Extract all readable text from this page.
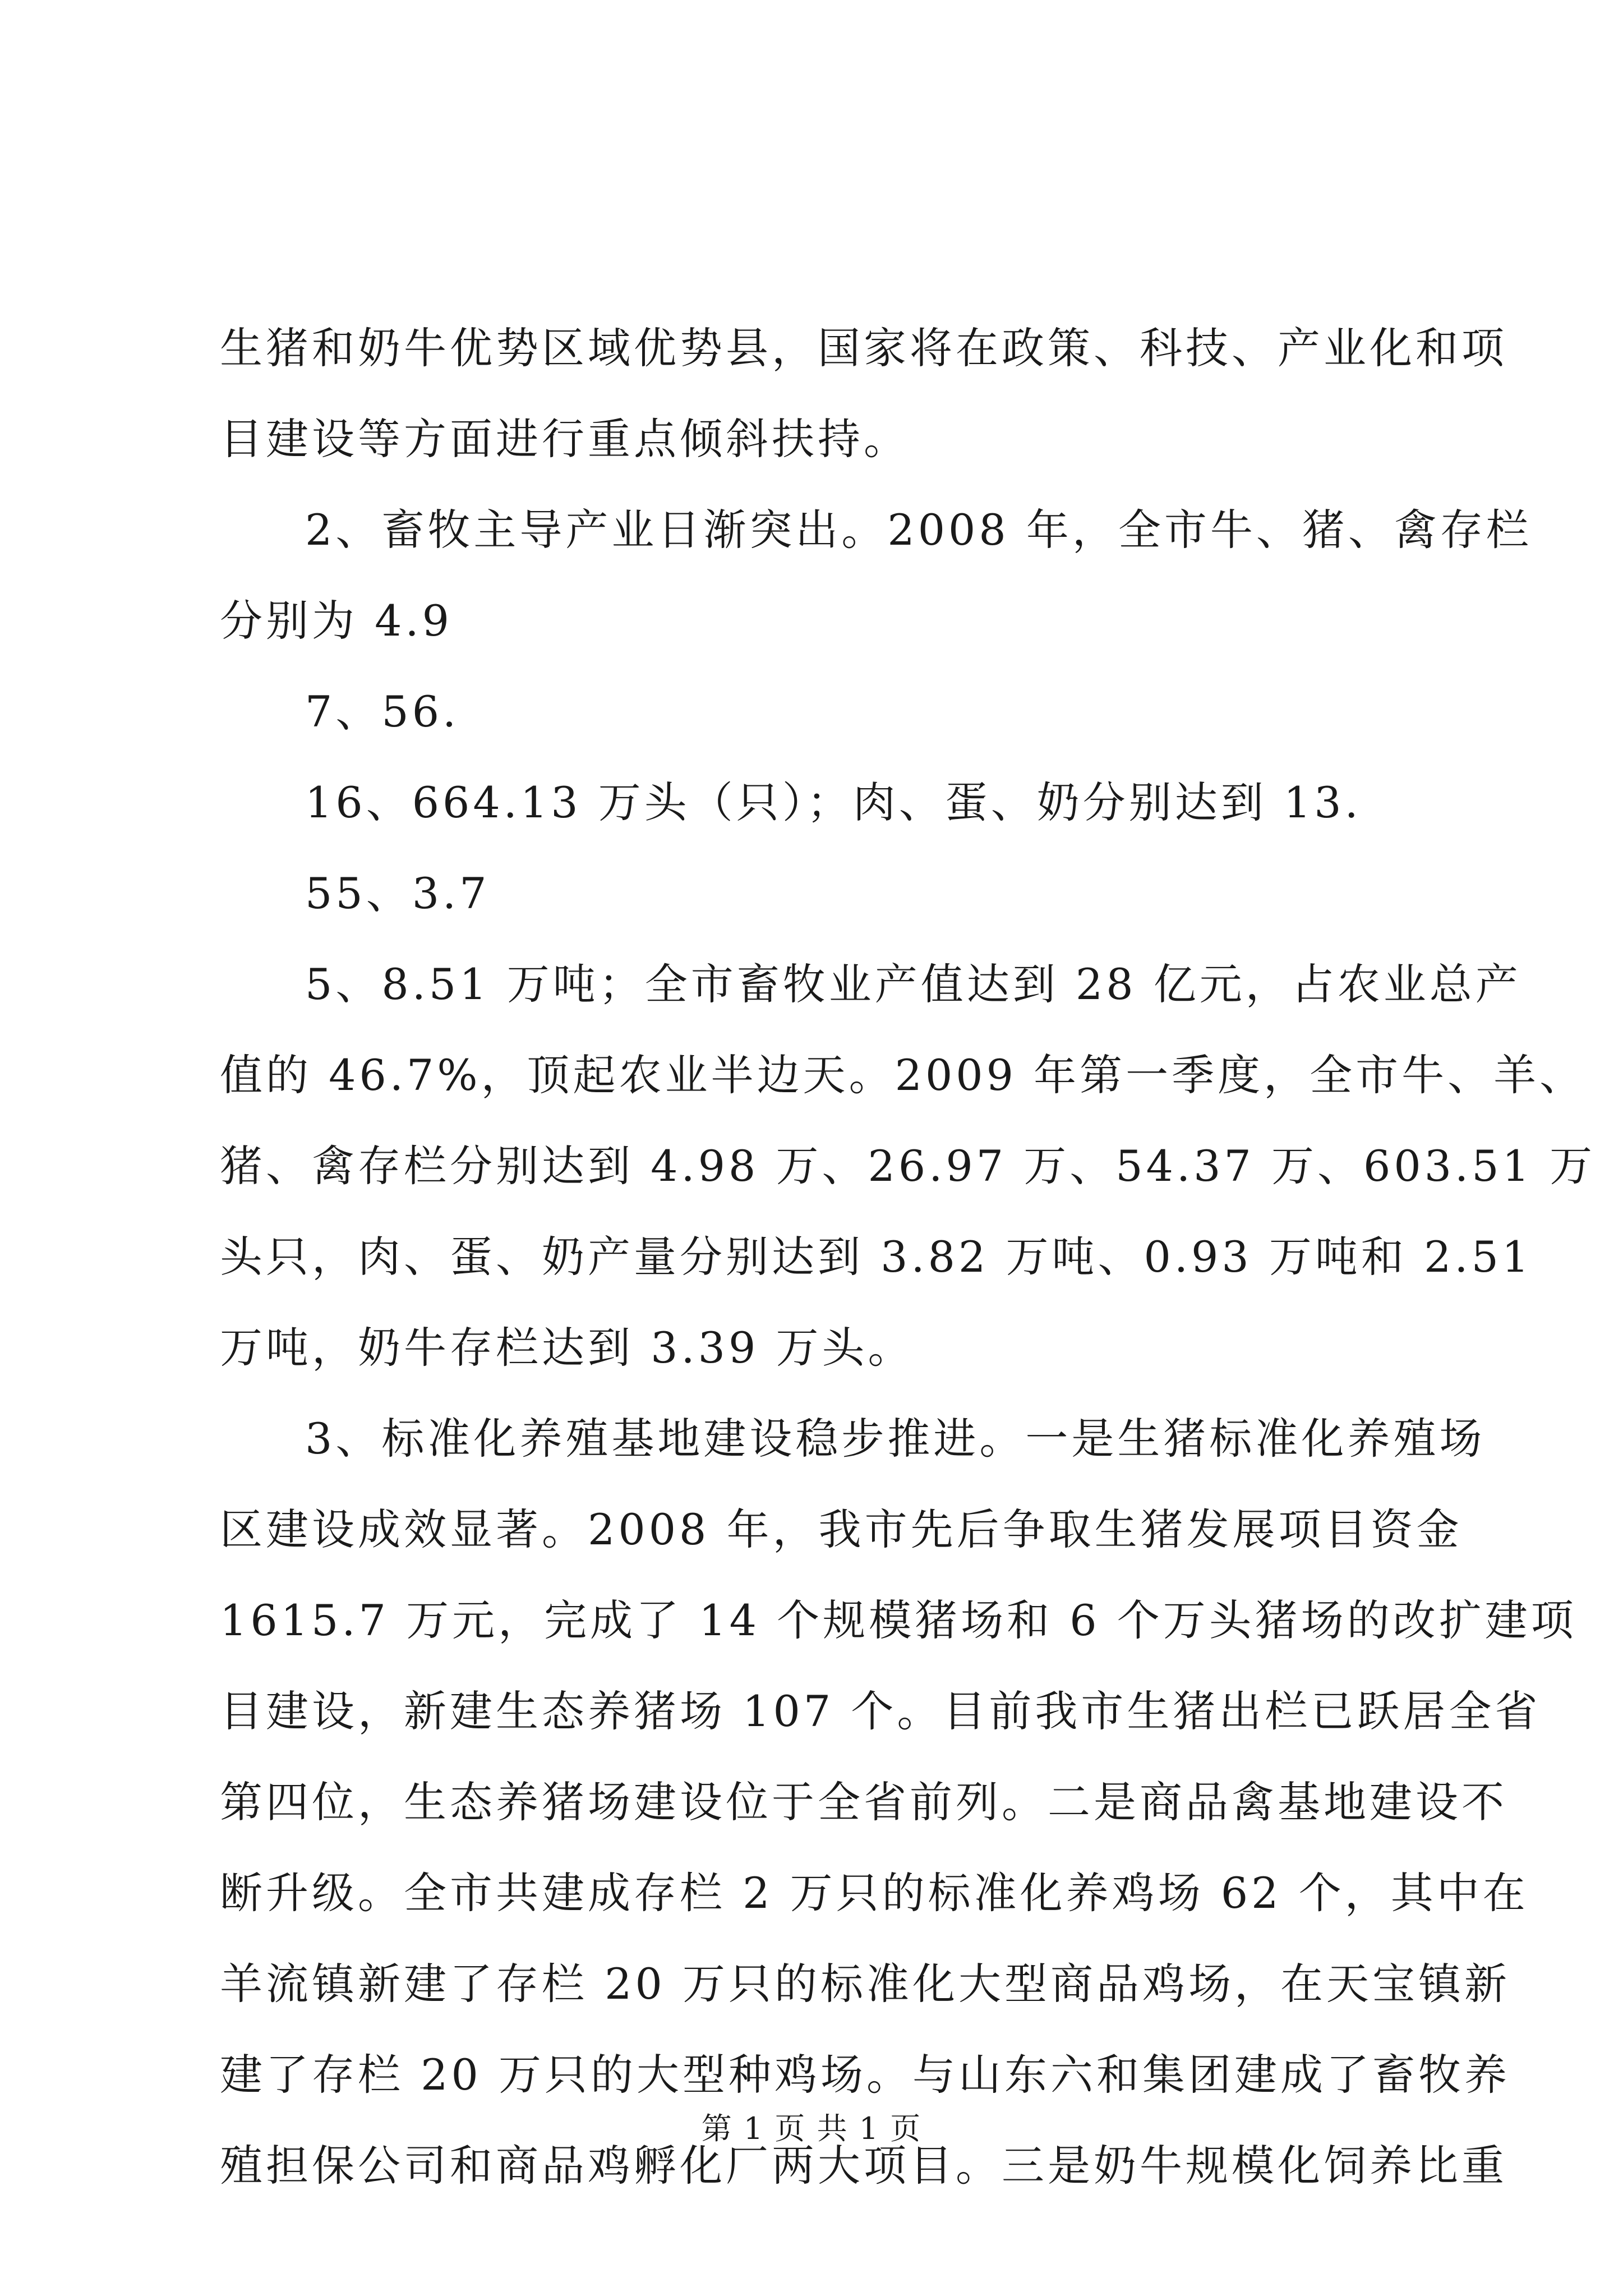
生猪和奶牛优势区域优势县，国家将在政策、科技、产业化和项
目建设等方面进行重点倾斜扶持。
2、畜牧主导产业日渐突出。2008 年，全市牛、猪、禽存栏
分别为 4.9
7、56.
16、664.13 万头（只）；肉、蛋、奶分别达到 13.
55、3.7
5、8.51 万吨；全市畜牧业产值达到 28 亿元，占农业总产
值的 46.7%，顶起农业半边天。2009 年第一季度，全市牛、羊、
猪、禽存栏分别达到 4.98 万、26.97 万、54.37 万、603.51 万
头只，肉、蛋、奶产量分别达到 3.82 万吨、0.93 万吨和 2.51
万吨，奶牛存栏达到 3.39 万头。
3、标准化养殖基地建设稳步推进。一是生猪标准化养殖场
区建设成效显著。2008 年，我市先后争取生猪发展项目资金
1615.7 万元，完成了 14 个规模猪场和 6 个万头猪场的改扩建项
目建设，新建生态养猪场 107 个。目前我市生猪出栏已跃居全省
第四位，生态养猪场建设位于全省前列。二是商品禽基地建设不
断升级。全市共建成存栏 2 万只的标准化养鸡场 62 个，其中在
羊流镇新建了存栏 20 万只的标准化大型商品鸡场，在天宝镇新
建了存栏 20 万只的大型种鸡场。与山东六和集团建成了畜牧养
殖担保公司和商品鸡孵化厂两大项目。三是奶牛规模化饲养比重
第 1 页 共 1 页
